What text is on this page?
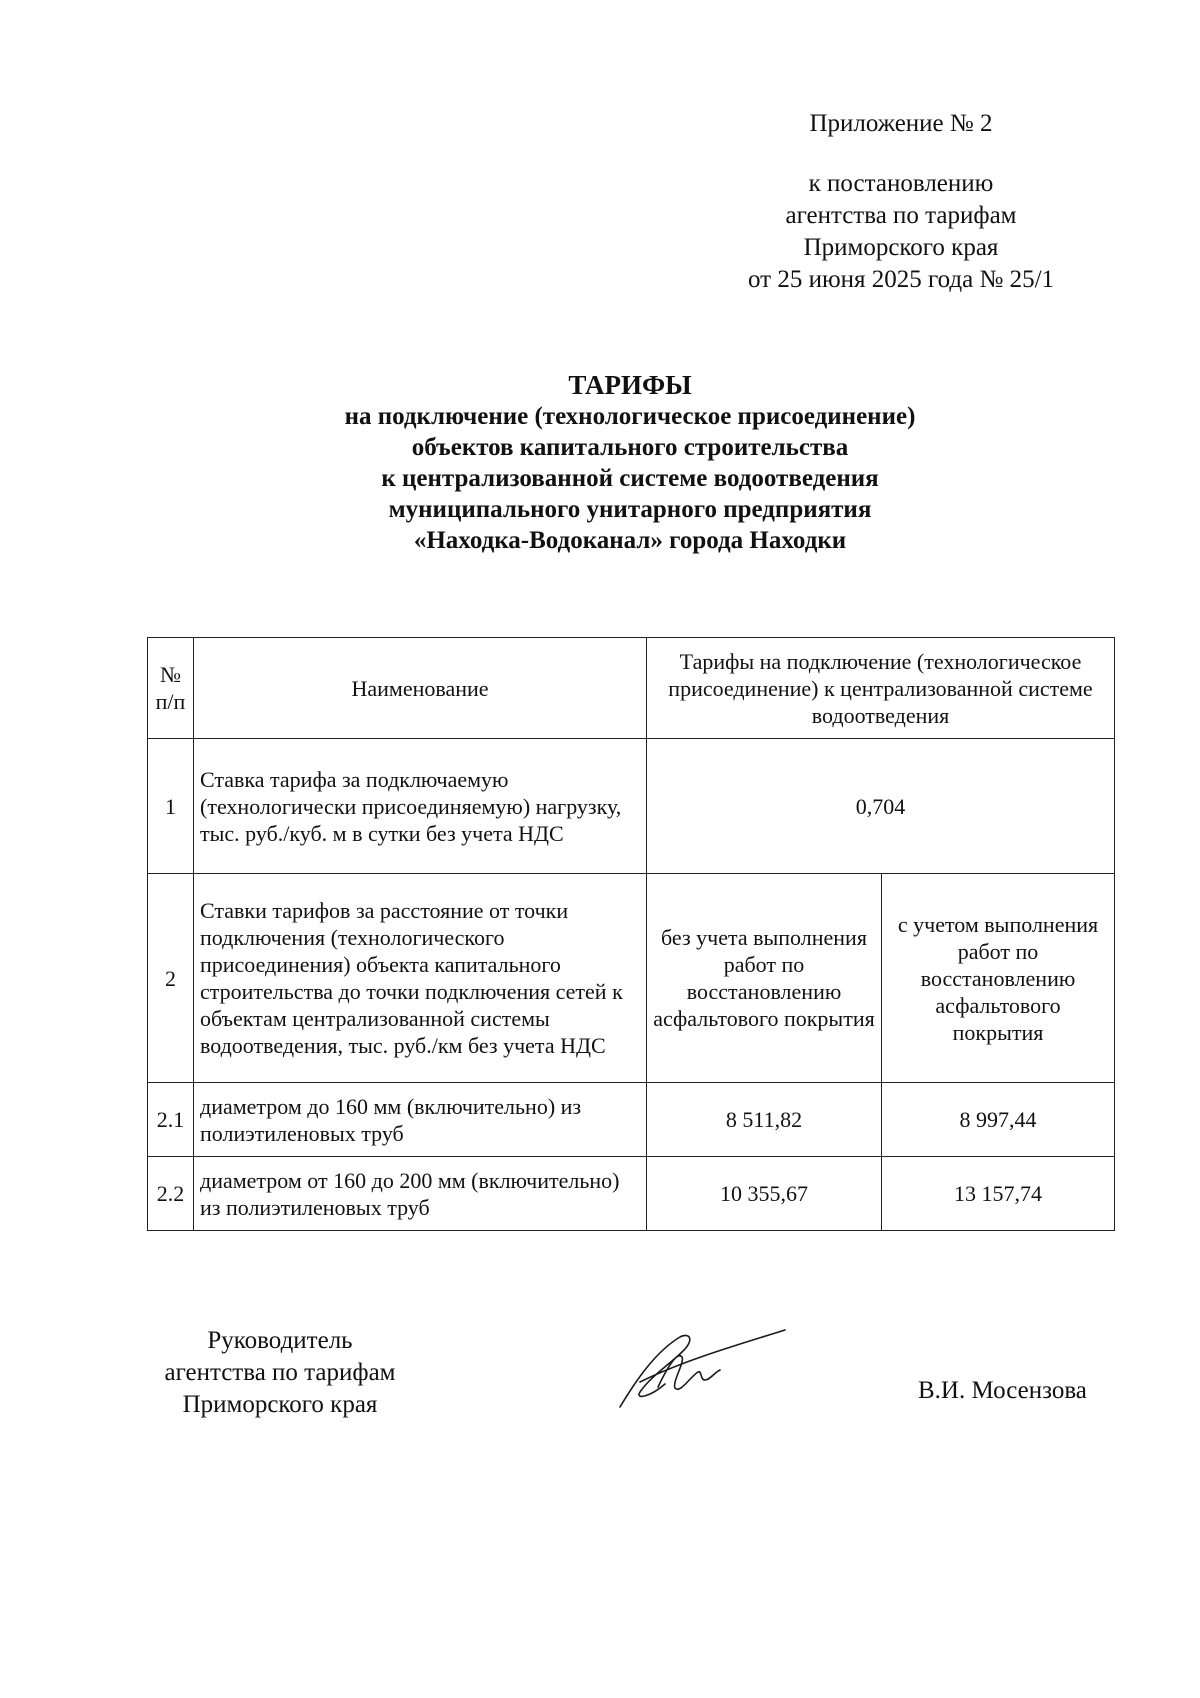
Приложение № 2
к постановлению
агентства по тарифам
Приморского края
от 25 июня 2025 года № 25/1
ТАРИФЫ
на подключение (технологическое присоединение)
объектов капитального строительства
к централизованной системе водоотведения
муниципального унитарного предприятия
«Находка-Водоканал» города Находки
№ п/п	Наименование	Тарифы на подключение (технологическое присоединение) к централизованной системе водоотведения	
1	Ставка тарифа за подключаемую (технологически присоединяемую) нагрузку, тыс. руб./куб. м в сутки без учета НДС	0,704	
2	Ставки тарифов за расстояние от точки подключения (технологического присоединения) объекта капитального строительства до точки подключения сетей к объектам централизованной системы водоотведения, тыс. руб./км без учета НДС	без учета выполнения работ по восстановлению асфальтового покрытия	с учетом выполнения работ по восстановлению асфальтового покрытия
2.1	диаметром до 160 мм (включительно) из полиэтиленовых труб	8 511,82	8 997,44
2.2	диаметром от 160 до 200 мм (включительно) из полиэтиленовых труб	10 355,67	13 157,74
Руководитель
агентства по тарифам
Приморского края
В.И. Мосензова
